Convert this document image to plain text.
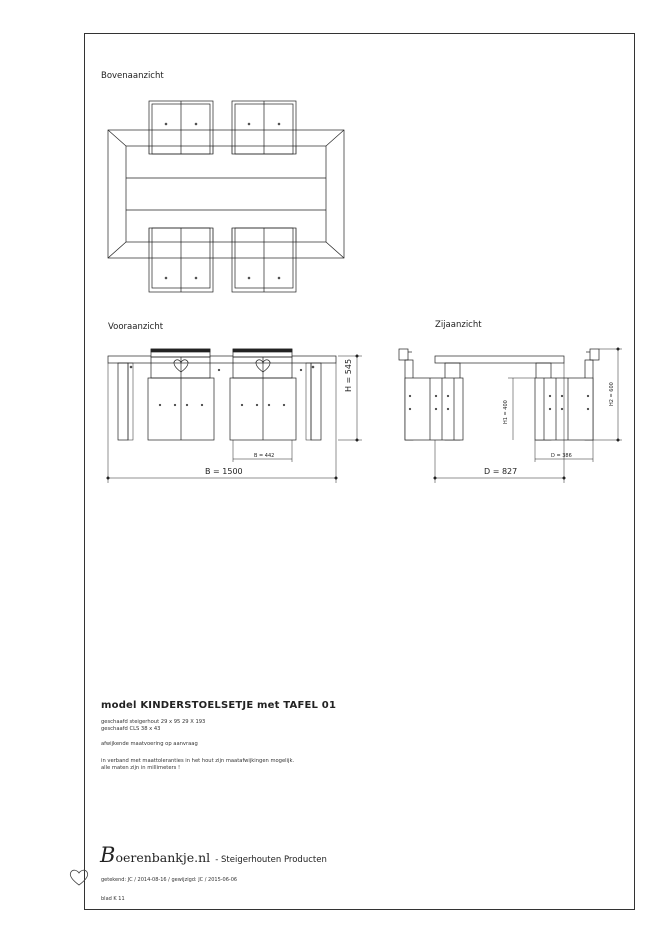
Bovenaanzicht
Vooraanzicht	Zijaanzicht
B = 1500
H = 545
B = 442
D = 827
H1 = 400
H2 = 600
D = 386
model KINDERSTOELSETJE met TAFEL 01
geschaafd steigerhout 29 x 95 29 X 193
geschaafd CLS 38 x 43
afwijkende maatvoering op aanvraag
in verband met maattoleranties in het hout zijn maatafwijkingen mogelijk.
alle maten zijn in millimeters !
Boerenbankje.nl - Steigerhouten Producten
getekend: JC / 2014-08-16 / gewijzigd: JC / 2015-06-06
blad K 11
